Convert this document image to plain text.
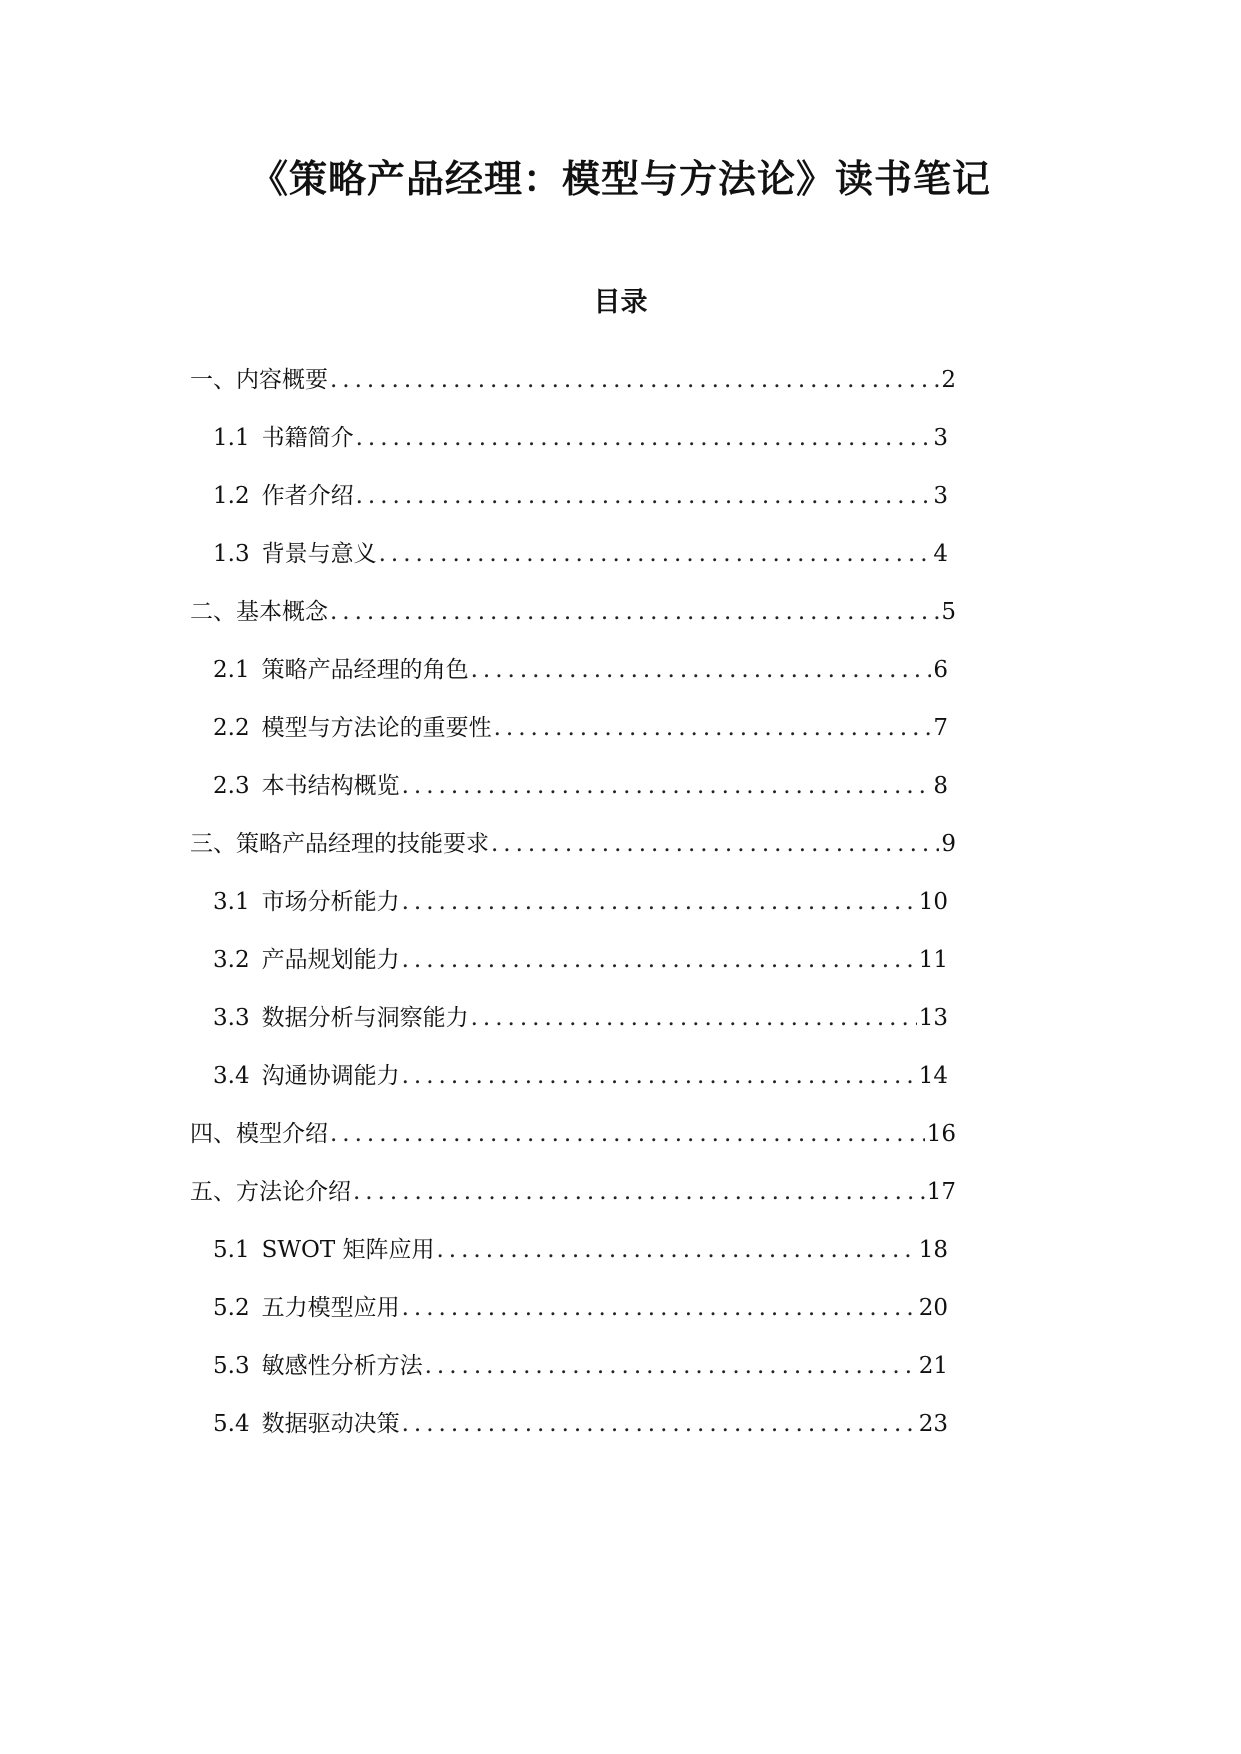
《策略产品经理：模型与方法论》读书笔记
目录
一、内容概要 .....	2
1.1 书籍简介 .....	3
1.2 作者介绍 .....	3
1.3 背景与意义 .....	4
二、基本概念 .....	5
2.1 策略产品经理的角色 .....	6
2.2 模型与方法论的重要性 .....	7
2.3 本书结构概览 .....	8
三、策略产品经理的技能要求 .....	9
3.1 市场分析能力 .....	10
3.2 产品规划能力 .....	11
3.3 数据分析与洞察能力 .....	13
3.4 沟通协调能力 .....	14
四、模型介绍 .....	16
五、方法论介绍 .....	17
5.1 SWOT 矩阵应用 .....	18
5.2 五力模型应用 .....	20
5.3 敏感性分析方法 .....	21
5.4 数据驱动决策 .....	23
